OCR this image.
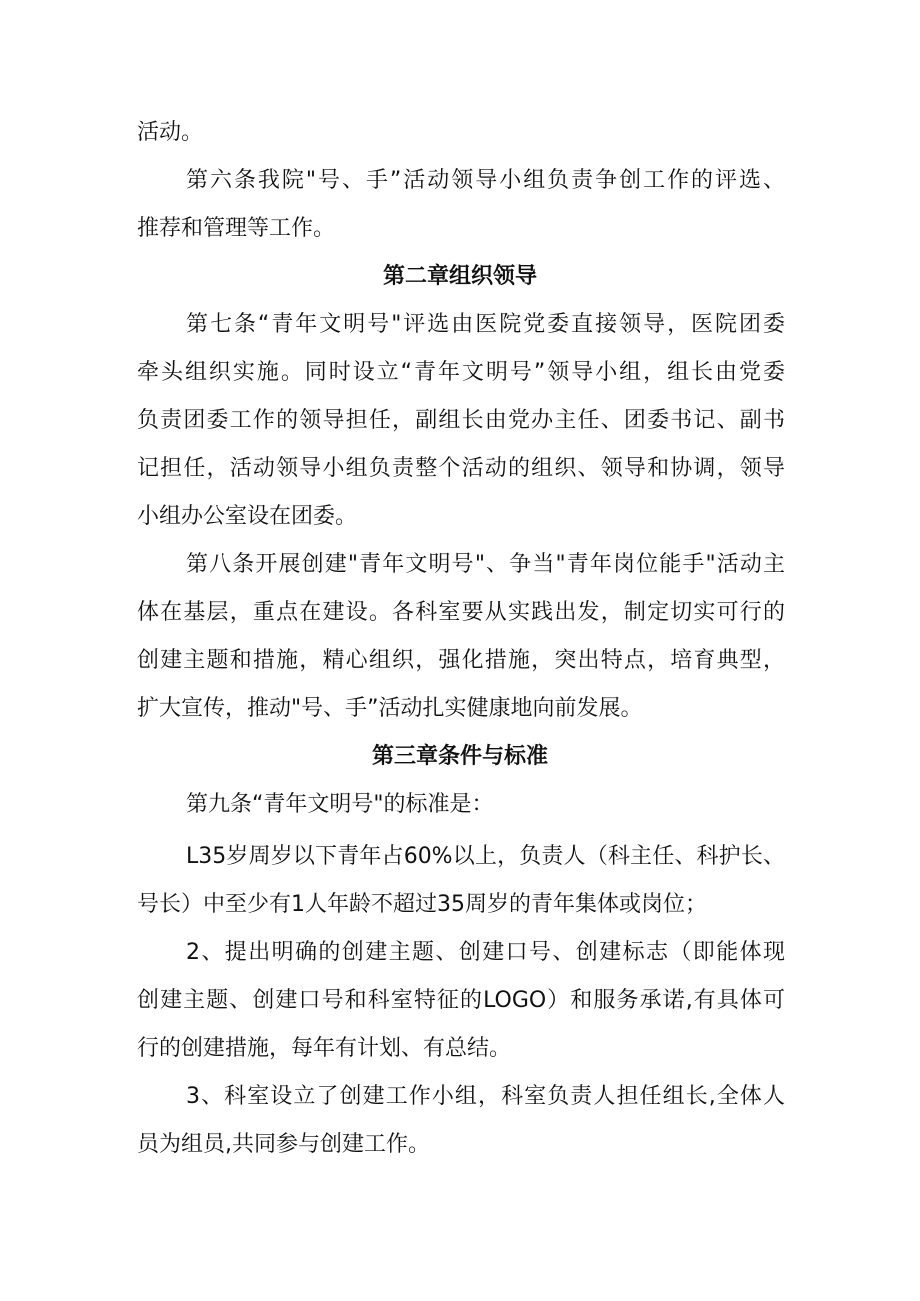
活动。
第六条我院"号、手”活动领导小组负责争创工作的评选、
推荐和管理等工作。
第二章组织领导
第七条“青年文明号"评选由医院党委直接领导，医院团委
牵头组织实施。同时设立“青年文明号”领导小组，组长由党委
负责团委工作的领导担任，副组长由党办主任、团委书记、副书
记担任，活动领导小组负责整个活动的组织、领导和协调，领导
小组办公室设在团委。
第八条开展创建"青年文明号"、争当"青年岗位能手"活动主
体在基层，重点在建设。各科室要从实践出发，制定切实可行的
创建主题和措施，精心组织，强化措施，突出特点，培育典型，
扩大宣传，推动"号、手”活动扎实健康地向前发展。
第三章条件与标准
第九条“青年文明号"的标准是：
L35岁周岁以下青年占60%以上，负责人（科主任、科护长、
号长）中至少有1人年龄不超过35周岁的青年集体或岗位；
2、提出明确的创建主题、创建口号、创建标志（即能体现
创建主题、创建口号和科室特征的LOGO）和服务承诺,有具体可
行的创建措施，每年有计划、有总结。
3、科室设立了创建工作小组，科室负责人担任组长,全体人
员为组员,共同参与创建工作。
